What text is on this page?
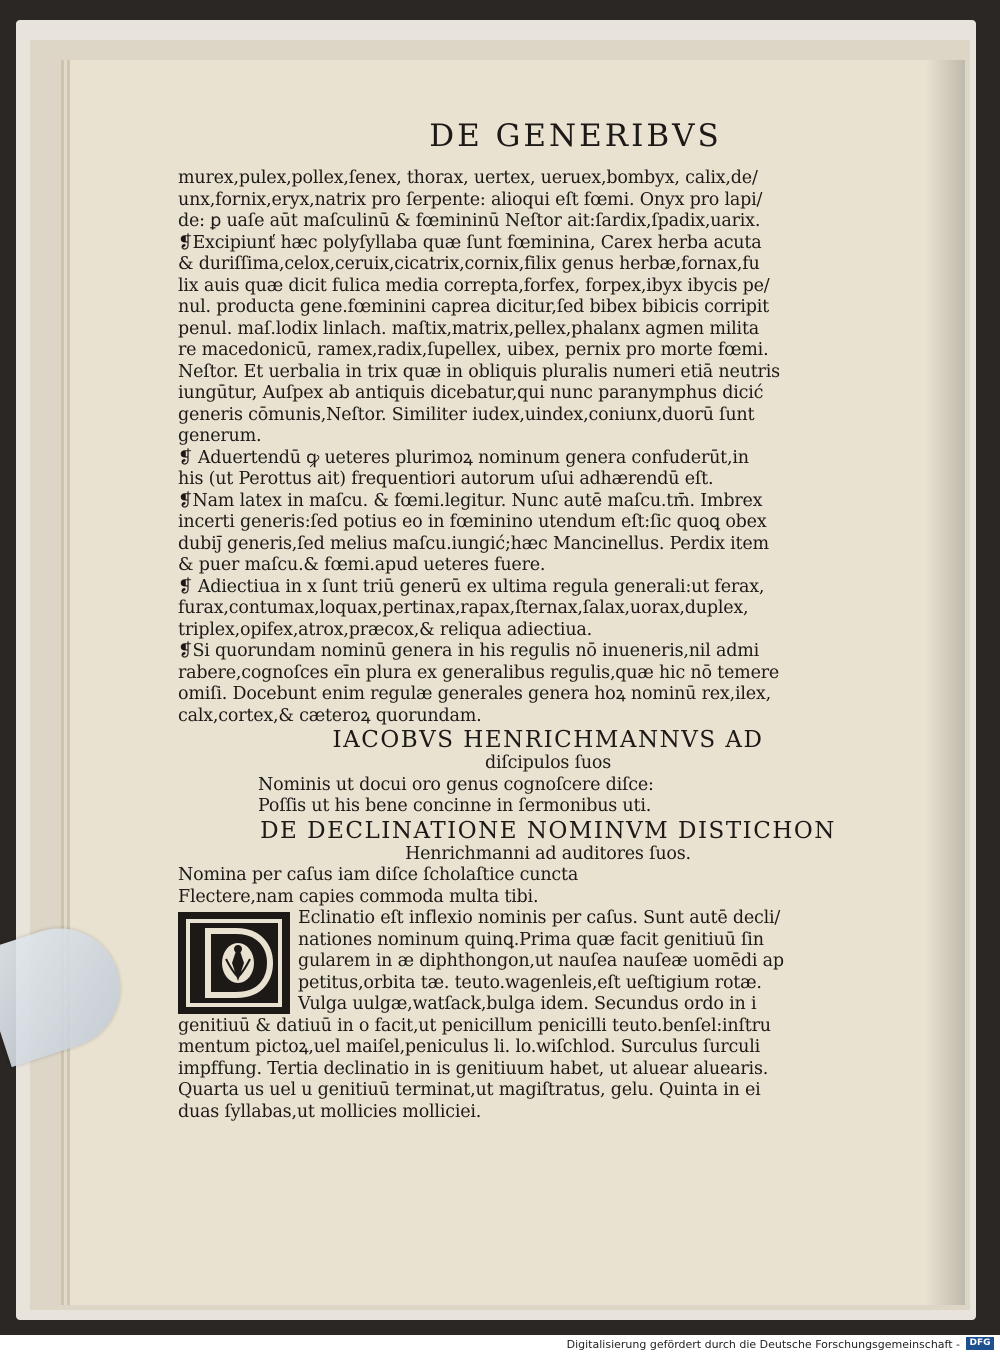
DE GENERIBVS

murex,pulex,pollex,ſenex, thorax, uertex, ueruex,bombyx, calix,de/

unx,fornix,eryx,natrix pro ſerpente: alioqui eſt fœmi. Onyx pro lapi/

de: ꝑ uaſe aūt maſculinū & fœmininū Neſtor ait:ſardix,ſpadix,uarix.

❡Excipiunť hæc polyſyllaba quæ ſunt fœminina, Carex herba acuta

& duriſſima,celox,ceruix,cicatrix,cornix,filix genus herbæ,fornax,fu

lix auis quæ dicit fulica media correpta,forfex, forpex,ibyx ibycis pe/

nul. producta gene.fœminini caprea dicitur,ſed bibex bibicis corripit

penul. maſ.lodix linlach. maſtix,matrix,pellex,phalanx agmen milita

re macedonicū, ramex,radix,ſupellex, uibex, pernix pro morte fœmi.

Neſtor. Et uerbalia in trix quæ in obliquis pluralis numeri etiā neutris

iungūtur, Auſpex ab antiquis dicebatur,qui nunc paranymphus dicić

generis cōmunis,Neſtor. Similiter iudex,uindex,coniunx,duorū ſunt

generum.

❡ Aduertendū ꝙ ueteres plurimoꝝ nominum genera confuderūt,in

his (ut Perottus ait) frequentiori autorum uſui adhærendū eſt.

❡Nam latex in maſcu. & fœmi.legitur. Nunc autē maſcu.tm̄. Imbrex

incerti generis:ſed potius eo in fœminino utendum eſt:ſic quoꝗ obex

dubiȷ̄ generis,ſed melius maſcu.iungić;hæc Mancinellus. Perdix item

& puer maſcu.& fœmi.apud ueteres fuere.

❡ Adiectiua in x ſunt triū generū ex ultima regula generali:ut ferax,

furax,contumax,loquax,pertinax,rapax,ſternax,ſalax,uorax,duplex,

triplex,opifex,atrox,præcox,& reliqua adiectiua.

❡Si quorundam nominū genera in his regulis nō inueneris,nil admi

rabere,cognoſces eīn plura ex generalibus regulis,quæ hic nō temere

omiſi. Docebunt enim regulæ generales genera hoꝝ nominū rex,ilex,

calx,cortex,& cæteroꝝ quorundam.

IACOBVS HENRICHMANNVS AD

diſcipulos ſuos

Nominis ut docui oro genus cognoſcere diſce:

Poſſis ut his bene concinne in ſermonibus uti.

DE DECLINATIONE NOMINVM DISTICHON

Henrichmanni ad auditores ſuos.

Nomina per caſus iam diſce ſcholaſtice cuncta

Flectere,nam capies commoda multa tibi.

Eclinatio eſt inflexio nominis per caſus. Sunt autē decli/

nationes nominum quinꝗ.Prima quæ facit genitiuū ſin

gularem in æ diphthongon,ut nauſea nauſeæ uomēdi ap

petitus,orbita tæ. teuto.wagenleis,eſt ueſtigium rotæ.

Vulga uulgæ,watſack,bulga idem. Secundus ordo in i

genitiuū & datiuū in o facit,ut penicillum penicilli teuto.benſel:inſtru

mentum pictoꝝ,uel maiſel,peniculus li. lo.wiſchlod. Surculus ſurculi

impffung. Tertia declinatio in is genitiuum habet, ut aluear aluearis.

Quarta us uel u genitiuū terminat,ut magiſtratus, gelu. Quinta in ei

duas ſyllabas,ut mollicies molliciei.

Digitalisierung gefördert durch die Deutsche Forschungsgemeinschaft -	DFG
